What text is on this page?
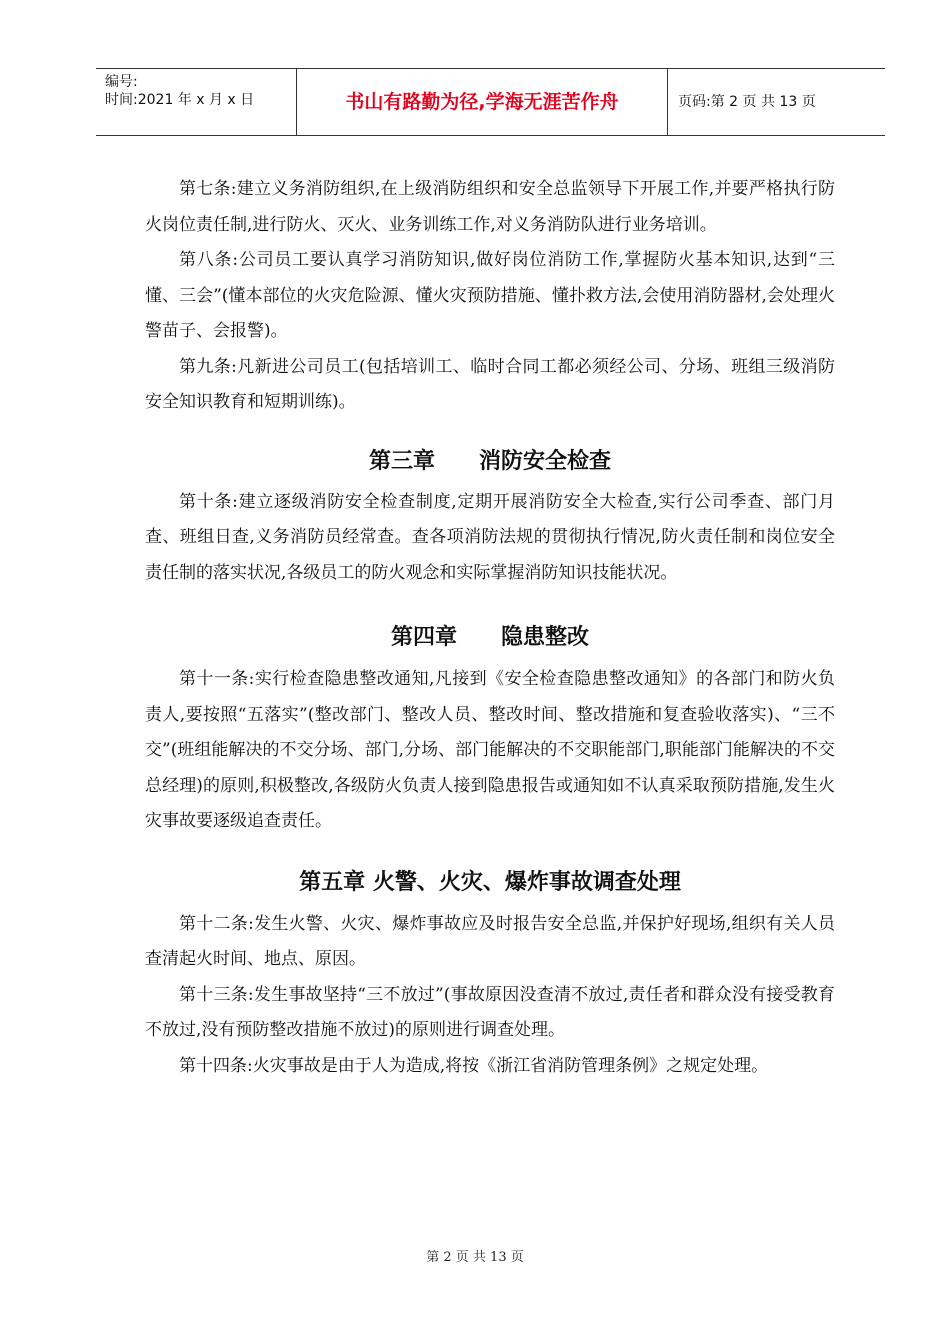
编号:
时间:2021 年 x 月 x 日	书山有路勤为径,学海无涯苦作舟	页码:第 2 页 共 13 页

第七条:建立义务消防组织,在上级消防组织和安全总监领导下开展工作,并要严格执行防火岗位责任制,进行防火、灭火、业务训练工作,对义务消防队进行业务培训。

第八条:公司员工要认真学习消防知识,做好岗位消防工作,掌握防火基本知识,达到“三懂、三会”(懂本部位的火灾危险源、懂火灾预防措施、懂扑救方法,会使用消防器材,会处理火警苗子、会报警)。

第九条:凡新进公司员工(包括培训工、临时合同工都必须经公司、分场、班组三级消防安全知识教育和短期训练)。

第三章 消防安全检查

第十条:建立逐级消防安全检查制度,定期开展消防安全大检查,实行公司季查、部门月查、班组日查,义务消防员经常查。查各项消防法规的贯彻执行情况,防火责任制和岗位安全责任制的落实状况,各级员工的防火观念和实际掌握消防知识技能状况。

第四章 隐患整改

第十一条:实行检查隐患整改通知,凡接到《安全检查隐患整改通知》的各部门和防火负责人,要按照“五落实”(整改部门、整改人员、整改时间、整改措施和复查验收落实)、“三不交”(班组能解决的不交分场、部门,分场、部门能解决的不交职能部门,职能部门能解决的不交总经理)的原则,积极整改,各级防火负责人接到隐患报告或通知如不认真采取预防措施,发生火灾事故要逐级追查责任。

第五章 火警、火灾、爆炸事故调查处理

第十二条:发生火警、火灾、爆炸事故应及时报告安全总监,并保护好现场,组织有关人员查清起火时间、地点、原因。

第十三条:发生事故坚持“三不放过”(事故原因没查清不放过,责任者和群众没有接受教育不放过,没有预防整改措施不放过)的原则进行调查处理。

第十四条:火灾事故是由于人为造成,将按《浙江省消防管理条例》之规定处理。

第 2 页 共 13 页
